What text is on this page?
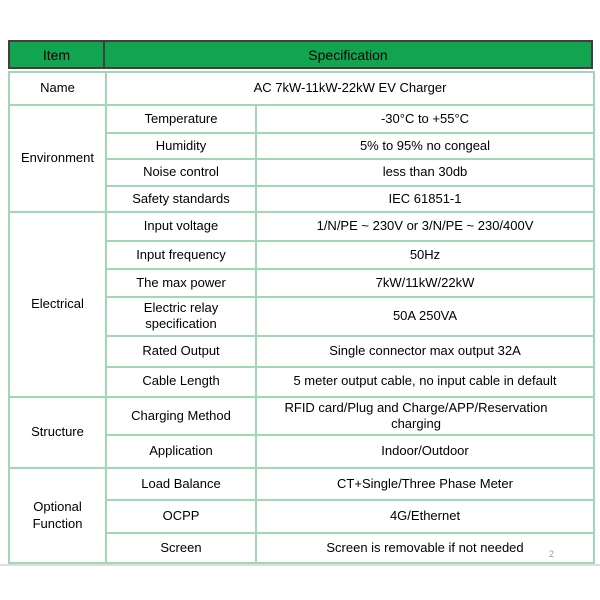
Item	Specification
Name	AC 7kW-11kW-22kW EV Charger	
Environment	Temperature	-30°C to +55°C
	Humidity	5% to 95% no congeal
	Noise control	less than 30db
	Safety standards	IEC 61851-1
Electrical	Input voltage	1/N/PE ~ 230V or 3/N/PE ~ 230/400V
	Input frequency	50Hz
	The max power	7kW/11kW/22kW
	Electric relay specification	50A 250VA
	Rated Output	Single connector max output 32A
	Cable Length	5 meter output cable, no input cable in default
Structure	Charging Method	RFID card/Plug and Charge/APP/Reservation charging

	Application	Indoor/Outdoor
Optional Function	Load Balance	CT+Single/Three Phase Meter
	OCPP	4G/Ethernet
	Screen	Screen is removable if not needed	2
